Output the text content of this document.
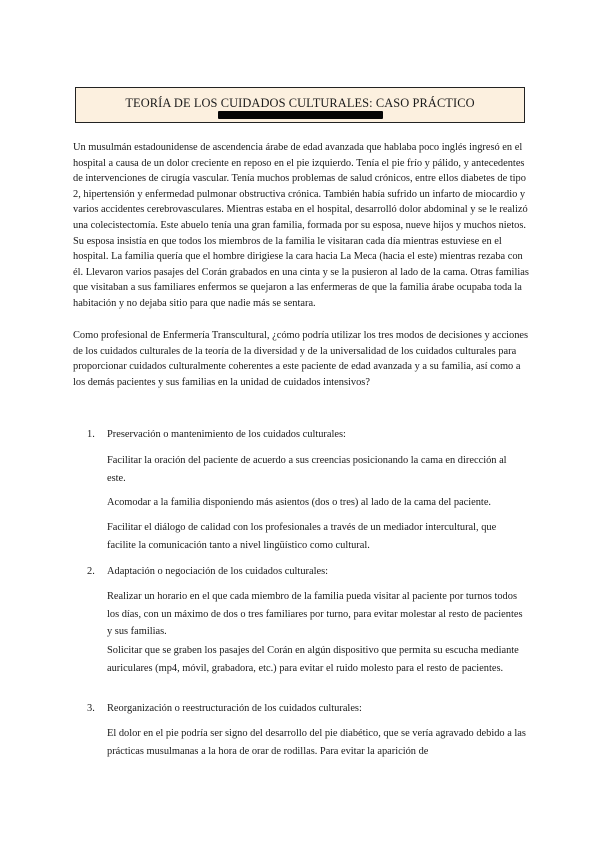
TEORÍA DE LOS CUIDADOS CULTURALES: CASO PRÁCTICO

Un musulmán estadounidense de ascendencia árabe de edad avanzada que hablaba poco inglés ingresó en el hospital a causa de un dolor creciente en reposo en el pie izquierdo. Tenía el pie frío y pálido, y antecedentes de intervenciones de cirugía vascular. Tenía muchos problemas de salud crónicos, entre ellos diabetes de tipo 2, hipertensión y enfermedad pulmonar obstructiva crónica. También había sufrido un infarto de miocardio y varios accidentes cerebrovasculares. Mientras estaba en el hospital, desarrolló dolor abdominal y se le realizó una colecistectomía. Este abuelo tenía una gran familia, formada por su esposa, nueve hijos y muchos nietos. Su esposa insistía en que todos los miembros de la familia le visitaran cada día mientras estuviese en el hospital. La familia quería que el hombre dirigiese la cara hacia La Meca (hacia el este) mientras rezaba con él. Llevaron varios pasajes del Corán grabados en una cinta y se la pusieron al lado de la cama. Otras familias que visitaban a sus familiares enfermos se quejaron a las enfermeras de que la familia árabe ocupaba toda la habitación y no dejaba sitio para que nadie más se sentara.

Como profesional de Enfermería Transcultural, ¿cómo podría utilizar los tres modos de decisiones y acciones de los cuidados culturales de la teoría de la diversidad y de la universalidad de los cuidados culturales para proporcionar cuidados culturalmente coherentes a este paciente de edad avanzada y a su familia, así como a los demás pacientes y sus familias en la unidad de cuidados intensivos?

1.	Preservación o mantenimiento de los cuidados culturales:

Facilitar la oración del paciente de acuerdo a sus creencias posicionando la cama en dirección al este.

Acomodar a la familia disponiendo más asientos (dos o tres) al lado de la cama del paciente.

Facilitar el diálogo de calidad con los profesionales a través de un mediador intercultural, que facilite la comunicación tanto a nivel lingüístico como cultural.

2.	Adaptación o negociación de los cuidados culturales:

Realizar un horario en el que cada miembro de la familia pueda visitar al paciente por turnos todos los días, con un máximo de dos o tres familiares por turno, para evitar molestar al resto de pacientes y sus familias.

Solicitar que se graben los pasajes del Corán en algún dispositivo que permita su escucha mediante auriculares (mp4, móvil, grabadora, etc.) para evitar el ruido molesto para el resto de pacientes.

3.	Reorganización o reestructuración de los cuidados culturales:

El dolor en el pie podría ser signo del desarrollo del pie diabético, que se vería agravado debido a las prácticas musulmanas a la hora de orar de rodillas. Para evitar la aparición de
